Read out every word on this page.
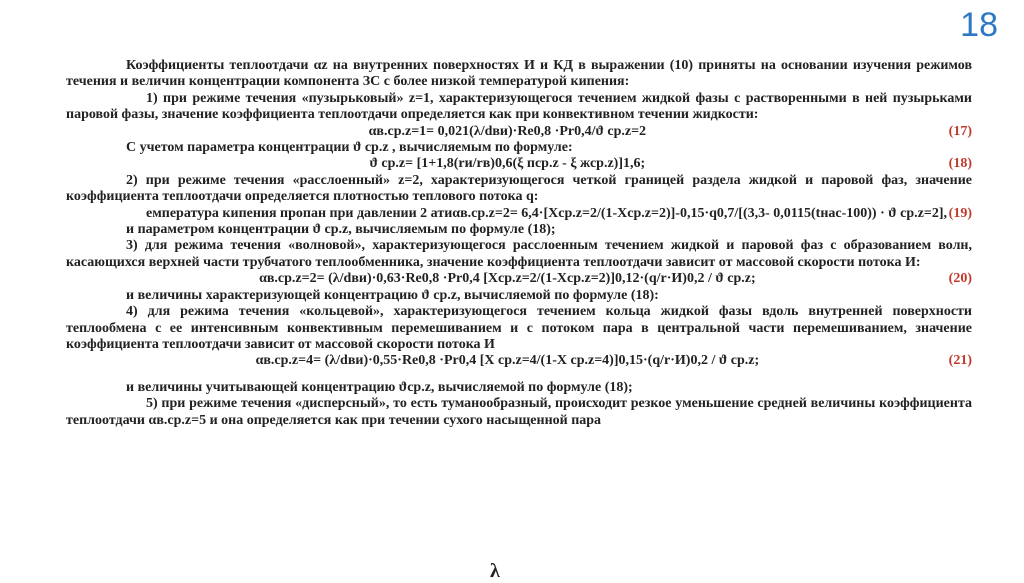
18

Коэффициенты теплоотдачи αz на внутренних поверхностях И и КД в выражении (10) приняты на основании изучения режимов течения и величин концентрации компонента ЗС с более низкой температурой кипения:

1) при режиме течения «пузырьковый» z=1, характеризующегося течением жидкой фазы с растворенными в ней пузырьками паровой фазы, значение коэффициента теплоотдачи определяется как при конвективном течении жидкости:

αв.ср.z=1= 0,021(λ/dви)·Re0,8 ·Pr0,4/ϑ ср.z=2	(17)

С учетом параметра концентрации ϑ ср.z , вычисляемым по формуле:

ϑ ср.z= [1+1,8(rи/rв)0,6(ξ пср.z - ξ жср.z)]1,6;	(18)

2) при режиме течения «расслоенный» z=2, характеризующегося четкой границей раздела жидкой и паровой фаз, значение коэффициента теплоотдачи определяется плотностью теплового потока q:

емпература кипения пропан при давлении 2 атиαв.ср.z=2= 6,4·[Xср.z=2/(1-Xср.z=2)]-0,15·q0,7/[(3,3- 0,0115(tнас-100)) · ϑ ср.z=2], (19)

и параметром концентрации ϑ ср.z, вычисляемым по формуле (18);

3) для режима течения «волновой», характеризующегося расслоенным течением жидкой и паровой фаз с образованием волн, касающихся верхней части трубчатого теплообменника, значение коэффициента теплоотдачи зависит от массовой скорости потока И:

αв.ср.z=2= (λ/dви)·0,63·Re0,8 ·Pr0,4 [Xср.z=2/(1-Xср.z=2)]0,12·(q/r·И)0,2 / ϑ ср.z;	(20)

и величины характеризующей концентрацию ϑ ср.z, вычисляемой по формуле (18):

4) для режима течения «кольцевой», характеризующегося течением кольца жидкой фазы вдоль внутренней поверхности теплообмена с ее интенсивным конвективным перемешиванием и с потоком пара в центральной части перемешиванием, значение коэффициента теплоотдачи зависит от массовой скорости потока И

αв.ср.z=4= (λ/dви)·0,55·Re0,8 ·Pr0,4 [X ср.z=4/(1-X ср.z=4)]0,15·(q/r·И)0,2 / ϑ ср.z;	(21)

и величины учитывающей концентрацию ϑср.z, вычисляемой по формуле (18);

5) при режиме течения «дисперсный», то есть туманообразный, происходит резкое уменьшение средней величины коэффициента теплоотдачи αв.ср.z=5 и она определяется как при течении сухого насыщенной пара

λ
